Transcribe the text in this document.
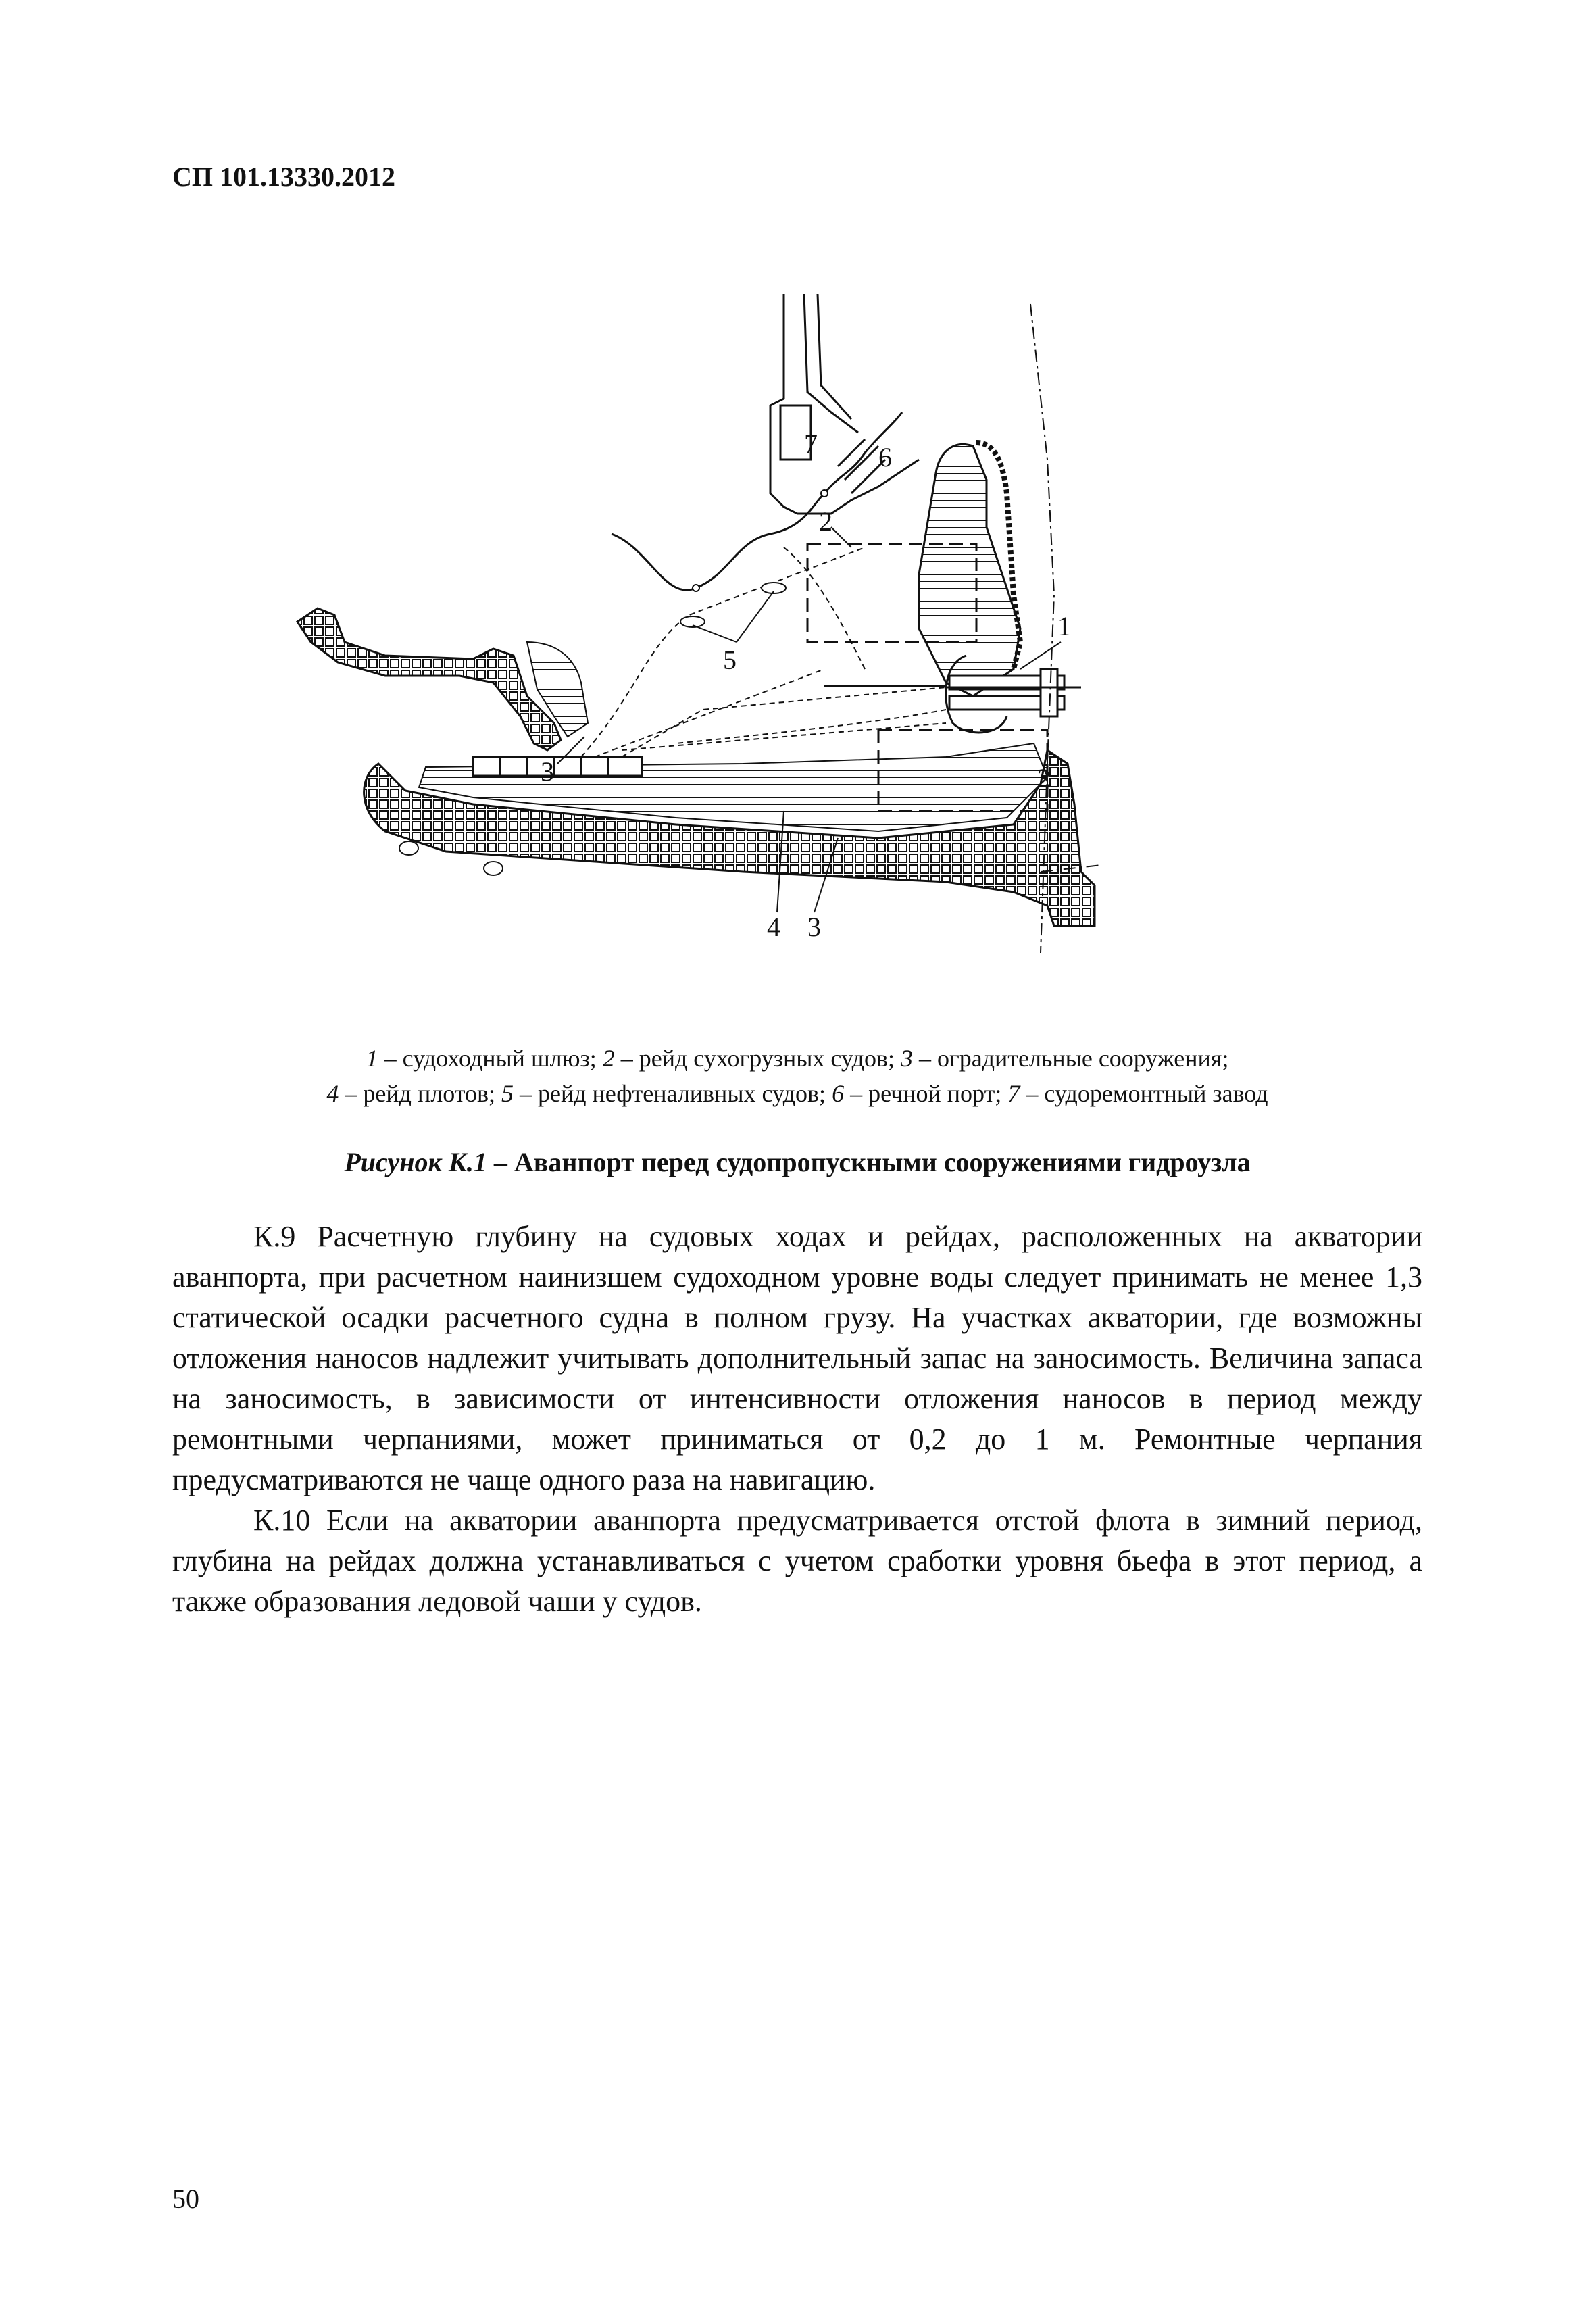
СП 101.13330.2012
7 6
2
5
1
2
3
4 3
1 – судоходный шлюз; 2 – рейд сухогрузных судов; 3 – оградительные сооружения;
4 – рейд плотов; 5 – рейд нефтеналивных судов; 6 – речной порт; 7 – судоремонтный завод
Рисунок К.1 – Аванпорт перед судопропускными сооружениями гидроузла

К.9 Расчетную глубину на судовых ходах и рейдах, расположенных на акватории аванпорта, при расчетном наинизшем судоходном уровне воды следует принимать не менее 1,3 статической осадки расчетного судна в полном грузу. На участках акватории, где возможны отложения наносов надлежит учитывать дополнительный запас на заносимость. Величина запаса на заносимость, в зависимости от интенсивности отложения наносов в период между ремонтными черпаниями, может приниматься от 0,2 до 1 м. Ремонтные черпания предусматриваются не чаще одного раза на навигацию.

К.10 Если на акватории аванпорта предусматривается отстой флота в зимний период, глубина на рейдах должна устанавливаться с учетом сработки уровня бьефа в этот период, а также образования ледовой чаши у судов.

50
